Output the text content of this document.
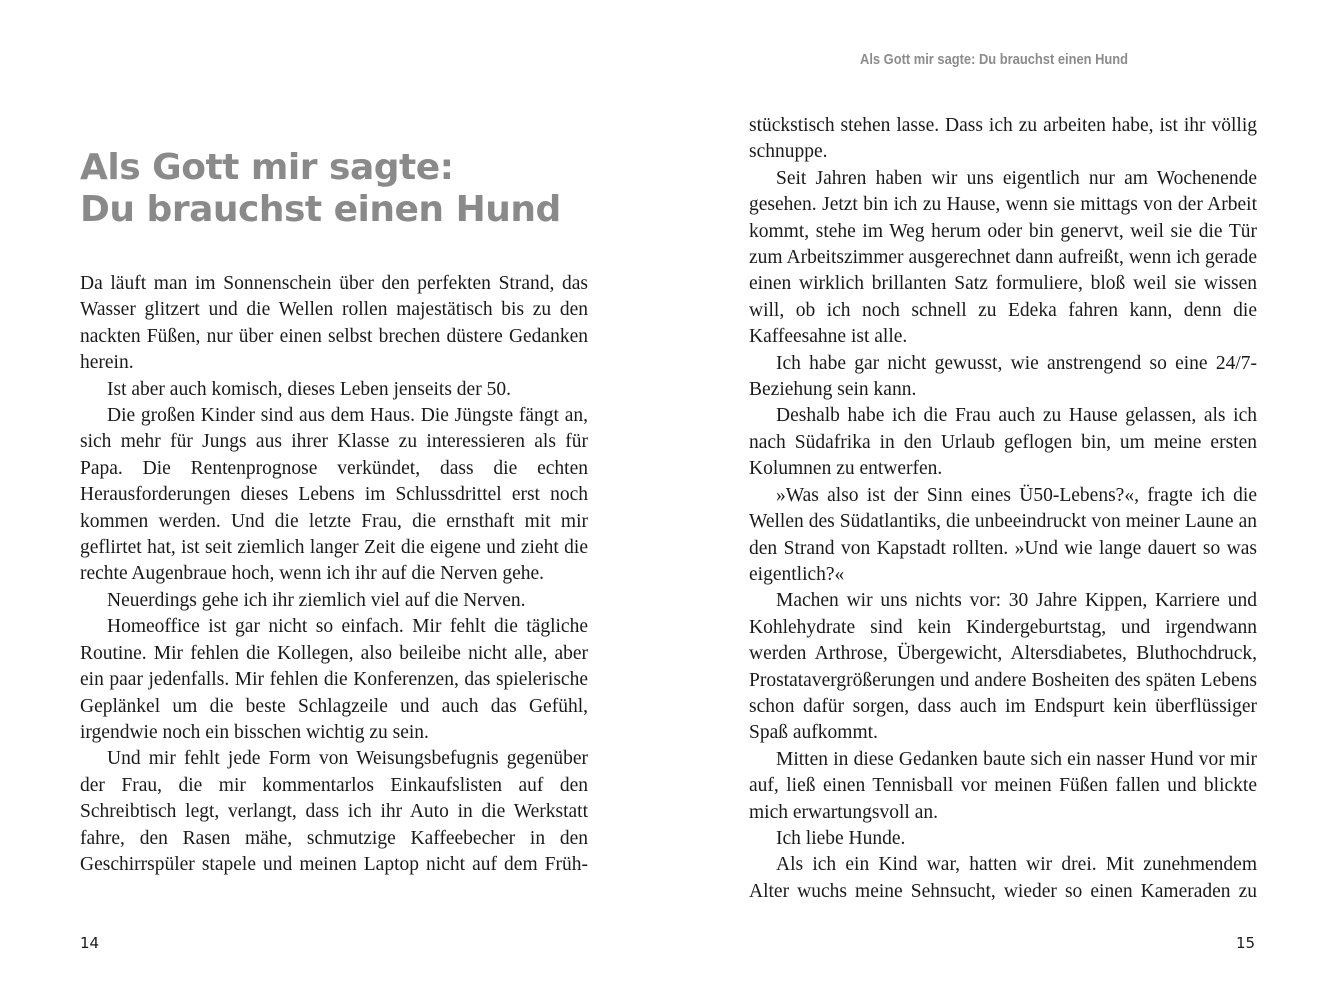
Als Gott mir sagte:
Du brauchst einen Hund

Da läuft man im Sonnenschein über den perfekten Strand, das Wasser glitzert und die Wellen rollen majestätisch bis zu den nackten Füßen, nur über einen selbst brechen düstere Gedanken herein.

Ist aber auch komisch, dieses Leben jenseits der 50.

Die großen Kinder sind aus dem Haus. Die Jüngste fängt an, sich mehr für Jungs aus ihrer Klasse zu interessieren als für Papa. Die Rentenprognose verkündet, dass die echten Herausforderungen dieses Lebens im Schlussdrittel erst noch kommen werden. Und die letzte Frau, die ernsthaft mit mir geflirtet hat, ist seit ziemlich langer Zeit die eigene und zieht die rechte Augenbraue hoch, wenn ich ihr auf die Nerven gehe.

Neuerdings gehe ich ihr ziemlich viel auf die Nerven.

Homeoffice ist gar nicht so einfach. Mir fehlt die tägliche Routine. Mir fehlen die Kollegen, also beileibe nicht alle, aber ein paar jedenfalls. Mir fehlen die Konferenzen, das spielerische Geplänkel um die beste Schlagzeile und auch das Gefühl, irgendwie noch ein bisschen wichtig zu sein.

Und mir fehlt jede Form von Weisungsbefugnis gegenüber der Frau, die mir kommentarlos Einkaufslisten auf den Schreibtisch legt, verlangt, dass ich ihr Auto in die Werkstatt fahre, den Rasen mähe, schmutzige Kaffeebecher in den Geschirrspüler stapele und meinen Laptop nicht auf dem Früh-

14
Als Gott mir sagte: Du brauchst einen Hund

stückstisch stehen lasse. Dass ich zu arbeiten habe, ist ihr völlig schnuppe.

Seit Jahren haben wir uns eigentlich nur am Wochenende gesehen. Jetzt bin ich zu Hause, wenn sie mittags von der Arbeit kommt, stehe im Weg herum oder bin genervt, weil sie die Tür zum Arbeitszimmer ausgerechnet dann aufreißt, wenn ich gerade einen wirklich brillanten Satz formuliere, bloß weil sie wissen will, ob ich noch schnell zu Edeka fahren kann, denn die Kaffeesahne ist alle.

Ich habe gar nicht gewusst, wie anstrengend so eine 24/7-Beziehung sein kann.

Deshalb habe ich die Frau auch zu Hause gelassen, als ich nach Südafrika in den Urlaub geflogen bin, um meine ersten Kolumnen zu entwerfen.

»Was also ist der Sinn eines Ü50-Lebens?«, fragte ich die Wellen des Südatlantiks, die unbeeindruckt von meiner Laune an den Strand von Kapstadt rollten. »Und wie lange dauert so was eigentlich?«

Machen wir uns nichts vor: 30 Jahre Kippen, Karriere und Kohlehydrate sind kein Kindergeburtstag, und irgendwann werden Arthrose, Übergewicht, Altersdiabetes, Bluthochdruck, Prostatavergrößerungen und andere Bosheiten des späten Lebens schon dafür sorgen, dass auch im Endspurt kein überflüssiger Spaß aufkommt.

Mitten in diese Gedanken baute sich ein nasser Hund vor mir auf, ließ einen Tennisball vor meinen Füßen fallen und blickte mich erwartungsvoll an.

Ich liebe Hunde.

Als ich ein Kind war, hatten wir drei. Mit zunehmendem Alter wuchs meine Sehnsucht, wieder so einen Kameraden zu

15
